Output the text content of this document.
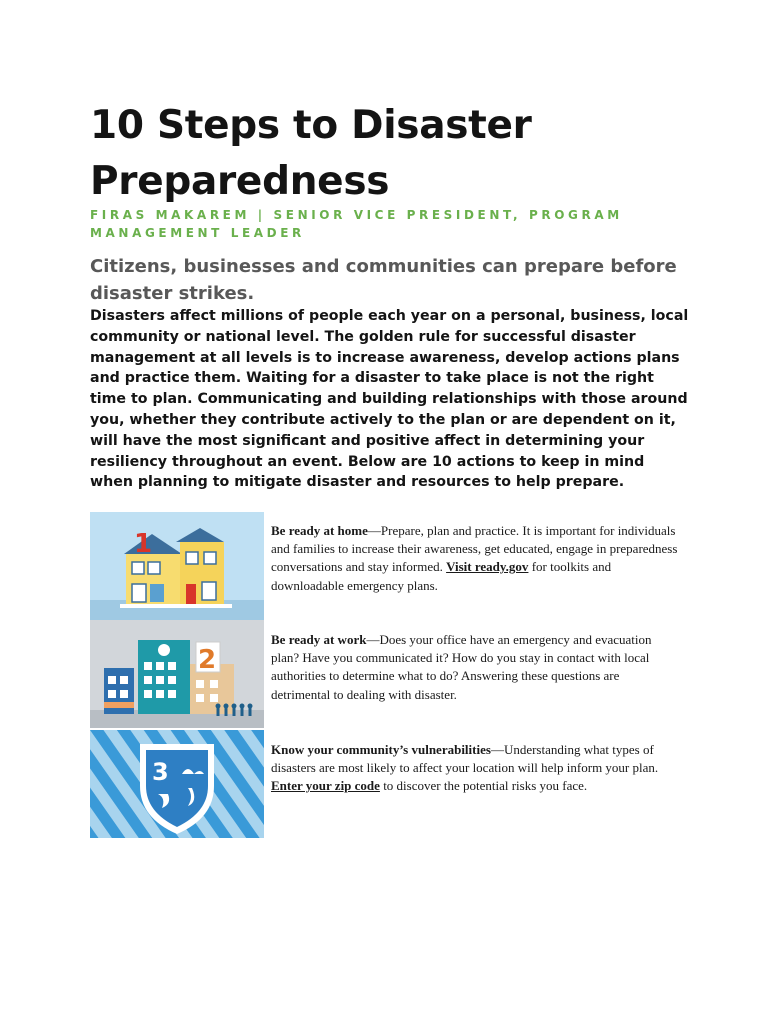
10 Steps to Disaster Preparedness
FIRAS MAKAREM | SENIOR VICE PRESIDENT, PROGRAM MANAGEMENT LEADER
Citizens, businesses and communities can prepare before disaster strikes.

Disasters affect millions of people each year on a personal, business, local community or national level. The golden rule for successful disaster management at all levels is to increase awareness, develop actions plans and practice them. Waiting for a disaster to take place is not the right time to plan. Communicating and building relationships with those around you, whether they contribute actively to the plan or are dependent on it, will have the most significant and positive affect in determining your resiliency throughout an event. Below are 10 actions to keep in mind when planning to mitigate disaster and resources to help prepare.

1	Be ready at home—Prepare, plan and practice. It is important for individuals and families to increase their awareness, get educated, engage in preparedness conversations and stay informed. Visit ready.gov for toolkits and downloadable emergency plans.
2
Be ready at work—Does your office have an emergency and evacuation plan? Have you communicated it? How do you stay in contact with local authorities to determine what to do? Answering these questions are detrimental to dealing with disaster.
3
Know your community’s vulnerabilities—Understanding what types of disasters are most likely to affect your location will help inform your plan. Enter your zip code to discover the potential risks you face.
